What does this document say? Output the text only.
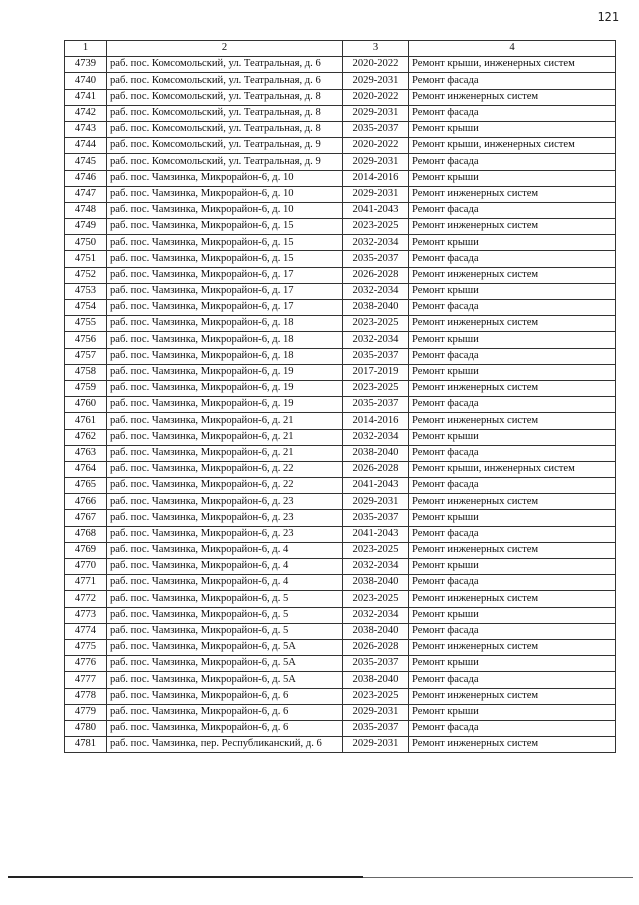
121
1	2	3	4
4739	раб. пос. Комсомольский, ул. Театральная, д. 6	2020-2022	Ремонт крыши, инженерных систем
4740	раб. пос. Комсомольский, ул. Театральная, д. 6	2029-2031	Ремонт фасада
4741	раб. пос. Комсомольский, ул. Театральная, д. 8	2020-2022	Ремонт инженерных систем
4742	раб. пос. Комсомольский, ул. Театральная, д. 8	2029-2031	Ремонт фасада
4743	раб. пос. Комсомольский, ул. Театральная, д. 8	2035-2037	Ремонт крыши
4744	раб. пос. Комсомольский, ул. Театральная, д. 9	2020-2022	Ремонт крыши, инженерных систем
4745	раб. пос. Комсомольский, ул. Театральная, д. 9	2029-2031	Ремонт фасада
4746	раб. пос. Чамзинка, Микрорайон-6, д. 10	2014-2016	Ремонт крыши
4747	раб. пос. Чамзинка, Микрорайон-6, д. 10	2029-2031	Ремонт инженерных систем
4748	раб. пос. Чамзинка, Микрорайон-6, д. 10	2041-2043	Ремонт фасада
4749	раб. пос. Чамзинка, Микрорайон-6, д. 15	2023-2025	Ремонт инженерных систем
4750	раб. пос. Чамзинка, Микрорайон-6, д. 15	2032-2034	Ремонт крыши
4751	раб. пос. Чамзинка, Микрорайон-6, д. 15	2035-2037	Ремонт фасада
4752	раб. пос. Чамзинка, Микрорайон-6, д. 17	2026-2028	Ремонт инженерных систем
4753	раб. пос. Чамзинка, Микрорайон-6, д. 17	2032-2034	Ремонт крыши
4754	раб. пос. Чамзинка, Микрорайон-6, д. 17	2038-2040	Ремонт фасада
4755	раб. пос. Чамзинка, Микрорайон-6, д. 18	2023-2025	Ремонт инженерных систем
4756	раб. пос. Чамзинка, Микрорайон-6, д. 18	2032-2034	Ремонт крыши
4757	раб. пос. Чамзинка, Микрорайон-6, д. 18	2035-2037	Ремонт фасада
4758	раб. пос. Чамзинка, Микрорайон-6, д. 19	2017-2019	Ремонт крыши
4759	раб. пос. Чамзинка, Микрорайон-6, д. 19	2023-2025	Ремонт инженерных систем
4760	раб. пос. Чамзинка, Микрорайон-6, д. 19	2035-2037	Ремонт фасада
4761	раб. пос. Чамзинка, Микрорайон-6, д. 21	2014-2016	Ремонт инженерных систем
4762	раб. пос. Чамзинка, Микрорайон-6, д. 21	2032-2034	Ремонт крыши
4763	раб. пос. Чамзинка, Микрорайон-6, д. 21	2038-2040	Ремонт фасада
4764	раб. пос. Чамзинка, Микрорайон-6, д. 22	2026-2028	Ремонт крыши, инженерных систем
4765	раб. пос. Чамзинка, Микрорайон-6, д. 22	2041-2043	Ремонт фасада
4766	раб. пос. Чамзинка, Микрорайон-6, д. 23	2029-2031	Ремонт инженерных систем
4767	раб. пос. Чамзинка, Микрорайон-6, д. 23	2035-2037	Ремонт крыши
4768	раб. пос. Чамзинка, Микрорайон-6, д. 23	2041-2043	Ремонт фасада
4769	раб. пос. Чамзинка, Микрорайон-6, д. 4	2023-2025	Ремонт инженерных систем
4770	раб. пос. Чамзинка, Микрорайон-6, д. 4	2032-2034	Ремонт крыши
4771	раб. пос. Чамзинка, Микрорайон-6, д. 4	2038-2040	Ремонт фасада
4772	раб. пос. Чамзинка, Микрорайон-6, д. 5	2023-2025	Ремонт инженерных систем
4773	раб. пос. Чамзинка, Микрорайон-6, д. 5	2032-2034	Ремонт крыши
4774	раб. пос. Чамзинка, Микрорайон-6, д. 5	2038-2040	Ремонт фасада
4775	раб. пос. Чамзинка, Микрорайон-6, д. 5А	2026-2028	Ремонт инженерных систем
4776	раб. пос. Чамзинка, Микрорайон-6, д. 5А	2035-2037	Ремонт крыши
4777	раб. пос. Чамзинка, Микрорайон-6, д. 5А	2038-2040	Ремонт фасада
4778	раб. пос. Чамзинка, Микрорайон-6, д. 6	2023-2025	Ремонт инженерных систем
4779	раб. пос. Чамзинка, Микрорайон-6, д. 6	2029-2031	Ремонт крыши
4780	раб. пос. Чамзинка, Микрорайон-6, д. 6	2035-2037	Ремонт фасада
4781	раб. пос. Чамзинка, пер. Республиканский, д. 6	2029-2031	Ремонт инженерных систем
